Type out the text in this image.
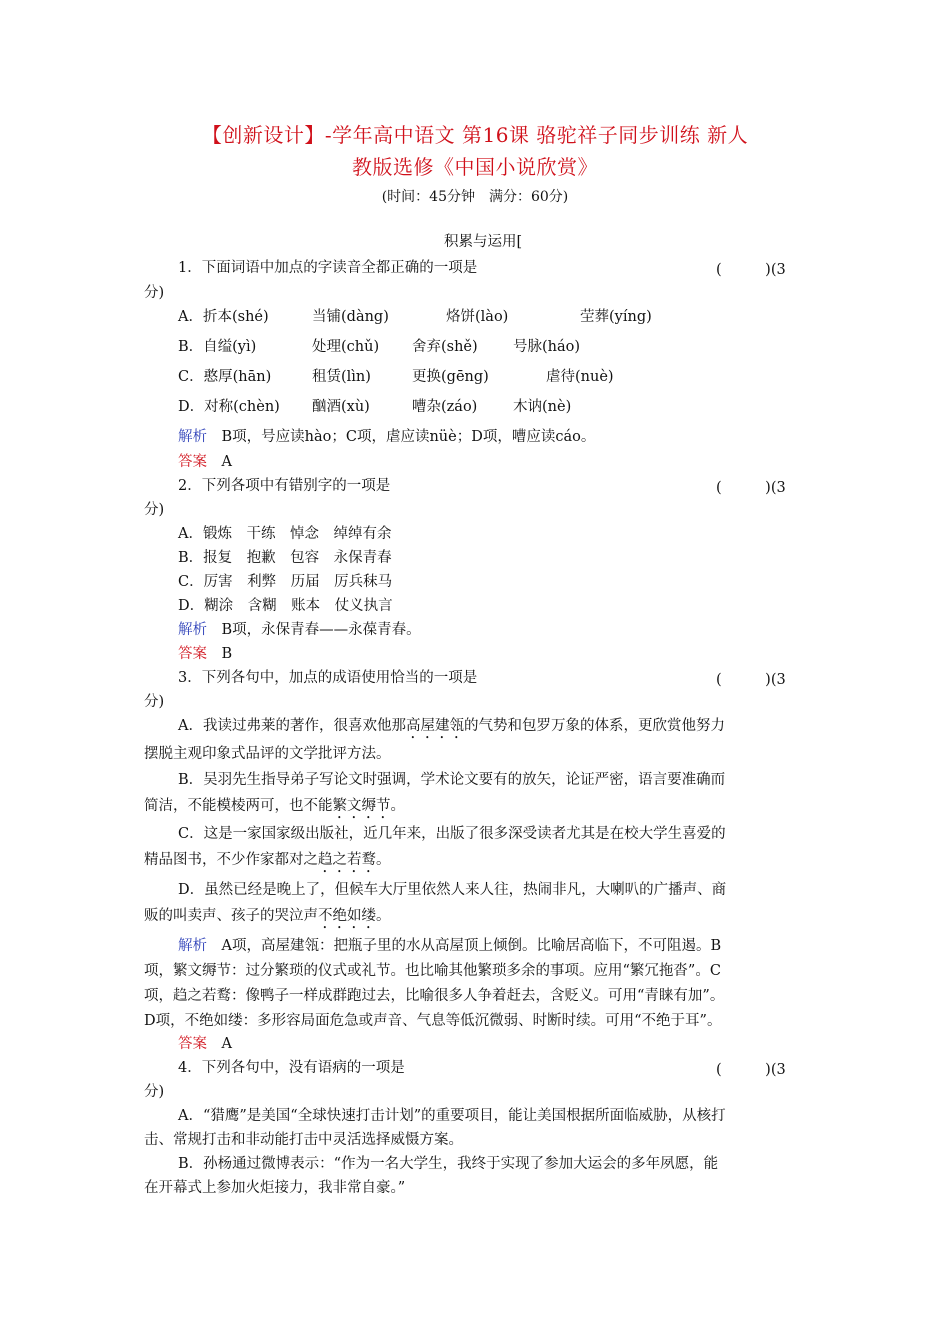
【创新设计】-学年高中语文 第16课 骆驼祥子同步训练 新人
教版选修《中国小说欣赏》
(时间：45分钟　满分：60分)
积累与运用[
1．下面词语中加点的字读音全都正确的一项是	(　　　)(3
分)
A．折本(shé)	当铺(dàng)	烙饼(lào)	茔葬(yíng)
B．自缢(yì)	处理(chǔ) 舍弃(shě) 号脉(háo)
C．憨厚(hān)	租赁(lìn)	更换(gēng)	虐待(nuè)
D．对称(chèn) 酗酒(xù)	嘈杂(záo) 木讷(nè)
解析　 B项，号应读hào；C项，虐应读nüè；D项，嘈应读cáo。
答案　 A
2．下列各项中有错别字的一项是	(　　　)(3
分)
A．锻炼　干练　悼念　绰绰有余
B．报复　抱歉　包容　永保青春
C．厉害　利弊　历届　厉兵秣马
D．糊涂　含糊　账本　仗义执言
解析　 B项，永保青春——永葆青春。
答案　 B
3．下列各句中，加点的成语使用恰当的一项是	(　　　)(3
分)
A．我读过弗莱的著作，很喜欢他那高屋建瓴的气势和包罗万象的体系，更欣赏他努力
摆脱主观印象式品评的文学批评方法。
B．吴羽先生指导弟子写论文时强调，学术论文要有的放矢，论证严密，语言要准确而
简洁，不能模棱两可，也不能繁文缛节。
C．这是一家国家级出版社，近几年来，出版了很多深受读者尤其是在校大学生喜爱的
精品图书，不少作家都对之趋之若鹜。
D．虽然已经是晚上了，但候车大厅里依然人来人往，热闹非凡，大喇叭的广播声、商
贩的叫卖声、孩子的哭泣声不绝如缕。
解析　 A项，高屋建瓴：把瓶子里的水从高屋顶上倾倒。比喻居高临下，不可阻遏。B
项，繁文缛节：过分繁琐的仪式或礼节。也比喻其他繁琐多余的事项。应用“繁冗拖沓”。C
项，趋之若鹜：像鸭子一样成群跑过去，比喻很多人争着赶去，含贬义。可用“青睐有加”。
D项，不绝如缕：多形容局面危急或声音、气息等低沉微弱、时断时续。可用“不绝于耳”。
答案　 A
4．下列各句中，没有语病的一项是	(　　　)(3
分)
A．“猎鹰”是美国“全球快速打击计划”的重要项目，能让美国根据所面临威胁，从核打
击、常规打击和非动能打击中灵活选择威慑方案。
B．孙杨通过微博表示：“作为一名大学生，我终于实现了参加大运会的多年夙愿，能
在开幕式上参加火炬接力，我非常自豪。”
